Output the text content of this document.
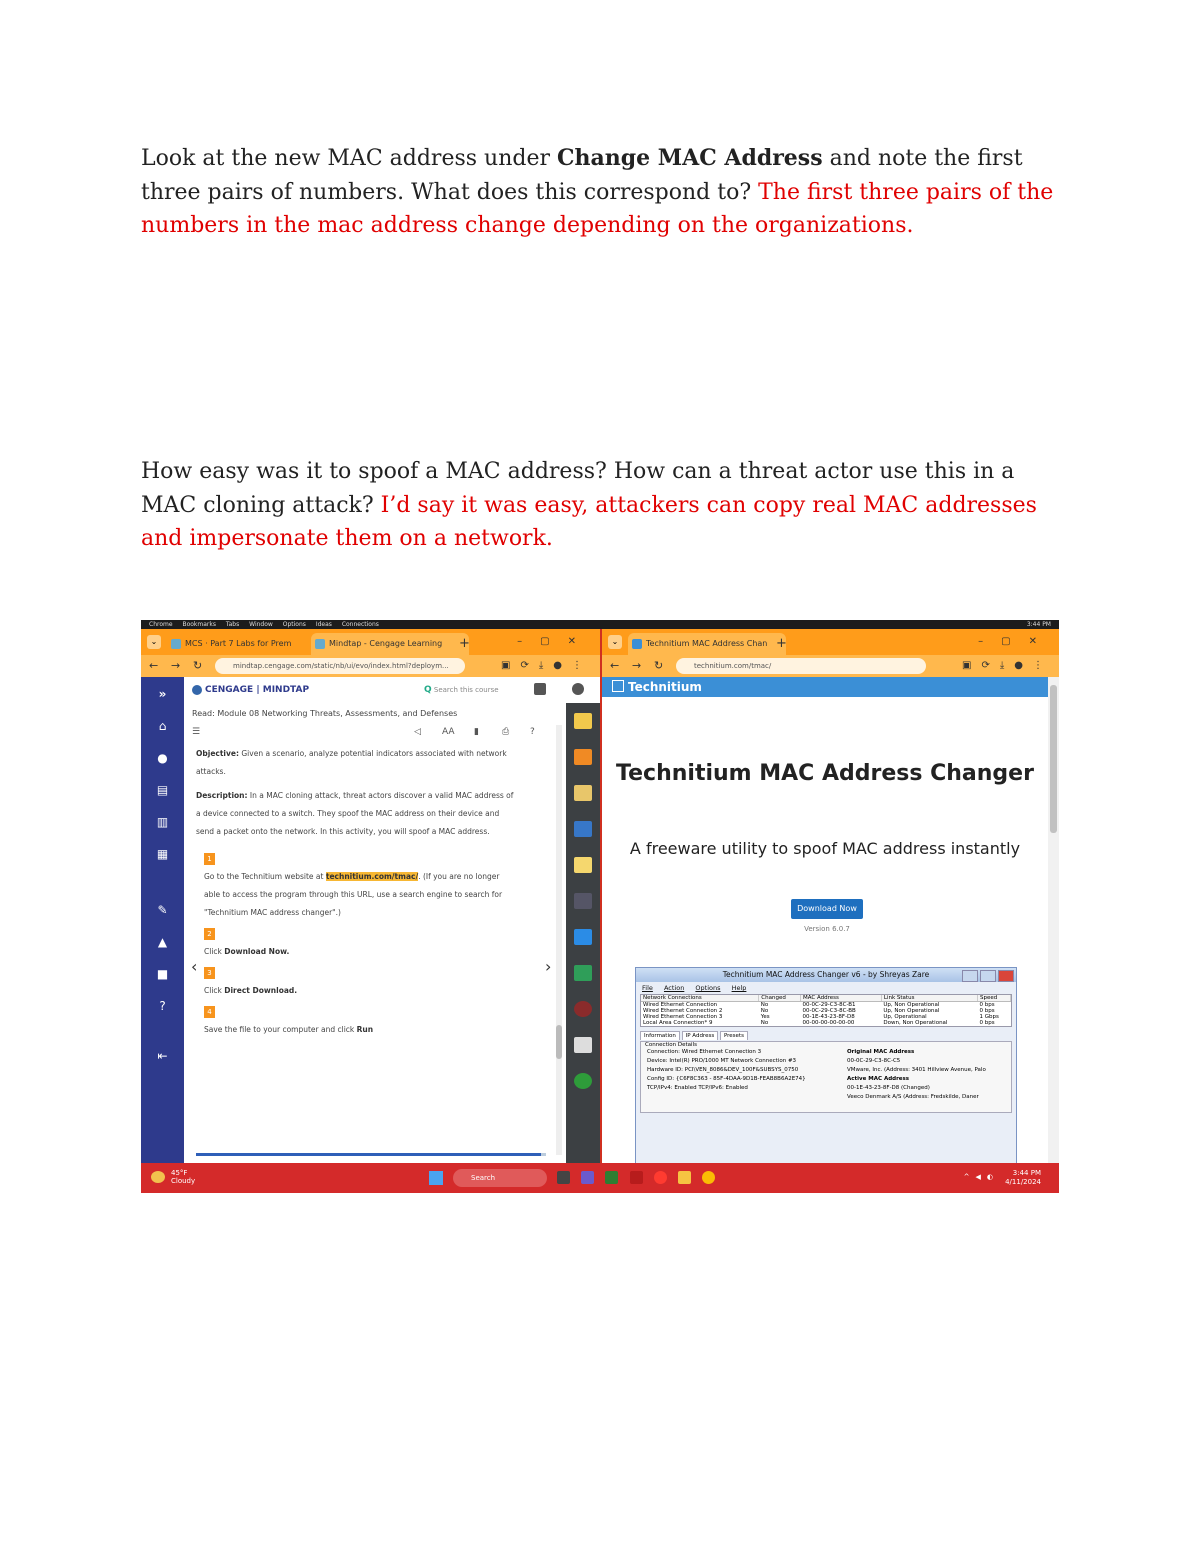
Look at the new MAC address under Change MAC Address and note the first three pairs of numbers. What does this correspond to? The first three pairs of the numbers in the mac address change depending on the organizations.
How easy was it to spoof a MAC address? How can a threat actor use this in a MAC cloning attack? I’d say it was easy, attackers can copy real MAC addresses and impersonate them on a network.
Chrome Bookmarks Tabs Window Options Ideas Connections	3:44 PM
⌄	MCS · Part 7 Labs for Prem	Mindtap - Cengage Learning	+	–▢✕
← → ↻	mindtap.cengage.com/static/nb/ui/evo/index.html?deploym...	▣⟳⤓●⋮
»
⌂
●
▤
▥
▦
✎
▲
■
?
⇤
CENGAGE | MINDTAP	Q Search this course
Read: Module 08 Networking Threats, Assessments, and Defenses
☰	◁ AA ▮	⎙ ?
Objective: Given a scenario, analyze potential indicators associated with network attacks.
Description: In a MAC cloning attack, threat actors discover a valid MAC address of a device connected to a switch. They spoof the MAC address on their device and send a packet onto the network. In this activity, you will spoof a MAC address.
1
Go to the Technitium website at technitium.com/tmac/. (If you are no longer able to access the program through this URL, use a search engine to search for "Technitium MAC address changer".)
2
Click Download Now.
3
Click Direct Download.
4
Save the file to your computer and click Run
‹	›
⌄	Technitium MAC Address Chan +	–▢✕
← → ↻	technitium.com/tmac/	▣⟳⤓●⋮
Technitium
Technitium MAC Address Changer
A freeware utility to spoof MAC address instantly
Download Now
Version 6.0.7
Technitium MAC Address Changer v6 - by Shreyas Zare
File Action Options Help
Network Connections	Changed	MAC Address	Link Status	Speed
Wired Ethernet Connection	No	00-0C-29-C3-8C-B1	Up, Non Operational	0 bps
Wired Ethernet Connection 2	No	00-0C-29-C3-8C-BB	Up, Non Operational	0 bps
Wired Ethernet Connection 3	Yes	00-1E-43-23-8F-D8	Up, Operational	1 Gbps
Local Area Connection* 9	No	00-00-00-00-00-00	Down, Non Operational	0 bps
Information IP Address Presets
Connection Details
Connection: Wired Ethernet Connection 3
Device: Intel(R) PRO/1000 MT Network Connection #3
Hardware ID: PCI\VEN_8086&DEV_100F&SUBSYS_0750
Config ID: {C6F8C363 - 85F-4DAA-9D1B-FEAB8B6A2E74}
TCP/IPv4: Enabled TCP/IPv6: Enabled
Original MAC Address
00-0C-29-C3-8C-C5
VMware, Inc. (Address: 3401 Hillview Avenue, Palo
Active MAC Address
00-1E-43-23-8F-D8 (Changed)
Veeco Denmark A/S (Address: Fredskilde, Daner
45°F
Cloudy	Search
	^◀◐	3:44 PM
4/11/2024
